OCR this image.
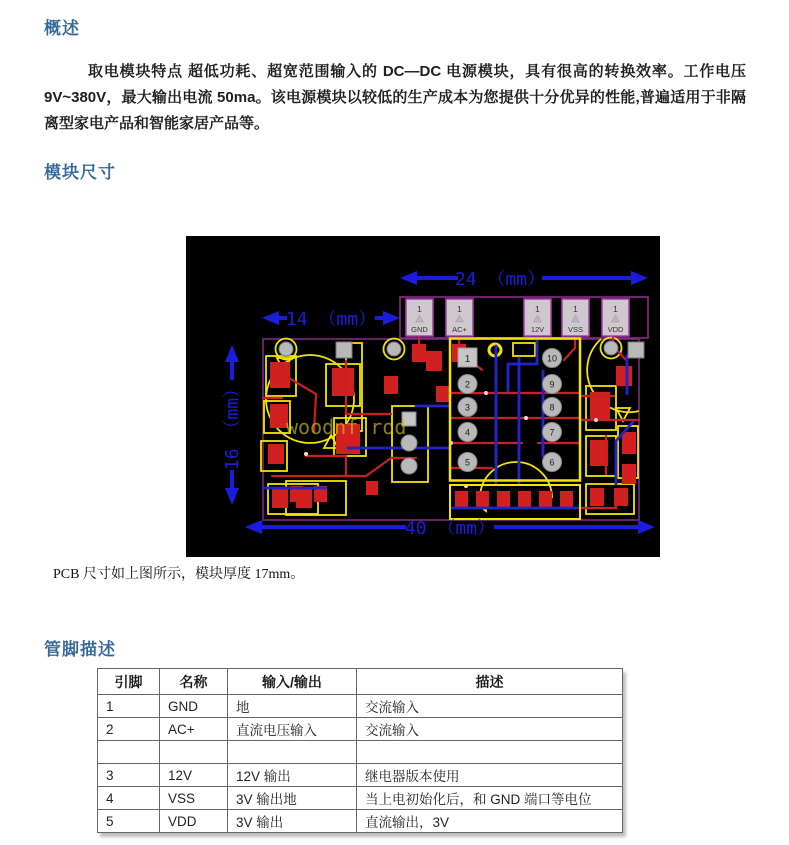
概述

取电模块特点 超低功耗、超宽范围输入的 DC—DC 电源模块，具有很高的转换效率。工作电压 9V~380V，最大输出电流 50ma。该电源模块以较低的生产成本为您提供十分优异的性能,普遍适用于非隔离型家电产品和智能家居产品等。

模块尺寸
woodnf rod
1
2
3
4
5
10
9
8
7
6
1
GND
1
AC+
1
12V
1
VSS
1
VDD
24 （mm）
14 （mm）
16 （mm）
40 （mm）
PCB 尺寸如上图所示，模块厚度 17mm。
管脚描述
引脚	名称	输入/输出	描述
1	GND	地	交流输入
2	AC+	直流电压输入	交流输入

3	12V	12V 输出	继电器版本使用
4	VSS	3V 输出地	当上电初始化后，和 GND 端口等电位
5	VDD	3V 输出	直流输出，3V
